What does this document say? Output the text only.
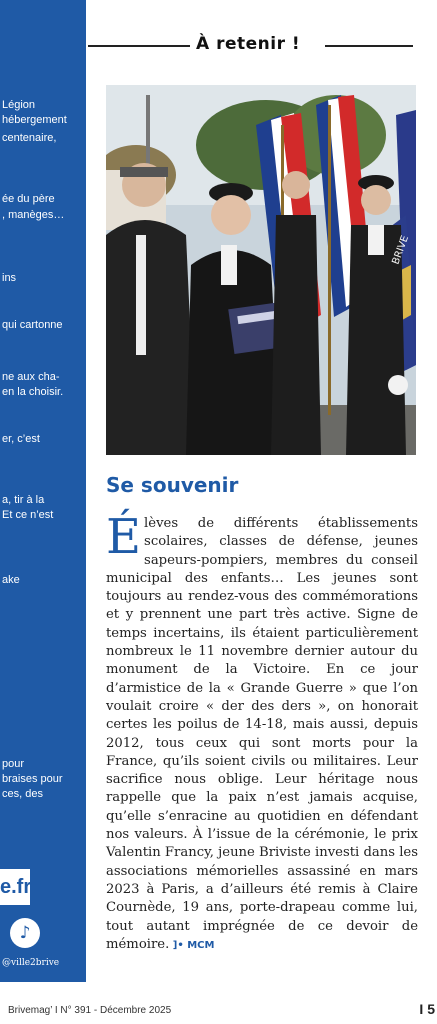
Légion
hébergement
centenaire,
ée du père
, manèges…
ins
qui cartonne
ne aux cha-
en la choisir.
er, c’est
a, tir à la
Et ce n’est
ake
pour
braises pour
ces, des
e.fr
♪
@ville2brive
À retenir !
BRIVE
Se souvenir
Élèves de différents établissements scolaires, classes de défense, jeunes sapeurs-pompiers, membres du conseil municipal des enfants… Les jeunes sont toujours au rendez-vous des commémorations et y prennent une part très active. Signe de temps incertains, ils étaient particulièrement nombreux le 11 novembre dernier autour du monument de la Victoire. En ce jour d’armistice de la « Grande Guerre » que l’on voulait croire « der des ders », on honorait certes les poilus de 14-18, mais aussi, depuis 2012, tous ceux qui sont morts pour la France, qu’ils soient civils ou militaires. Leur sacrifice nous oblige. Leur héritage nous rappelle que la paix n’est jamais acquise, qu’elle s’enracine au quotidien en défendant nos valeurs. À l’issue de la cérémonie, le prix Valentin Francy, jeune Briviste investi dans les associations mémorielles assassiné en mars 2023 à Paris, a d’ailleurs été remis à Claire Cournède, 19 ans, porte-drapeau comme lui, tout autant imprégnée de ce devoir de mémoire. ]• MCM
Brivemag’ I N° 391 - Décembre 2025	I 5
